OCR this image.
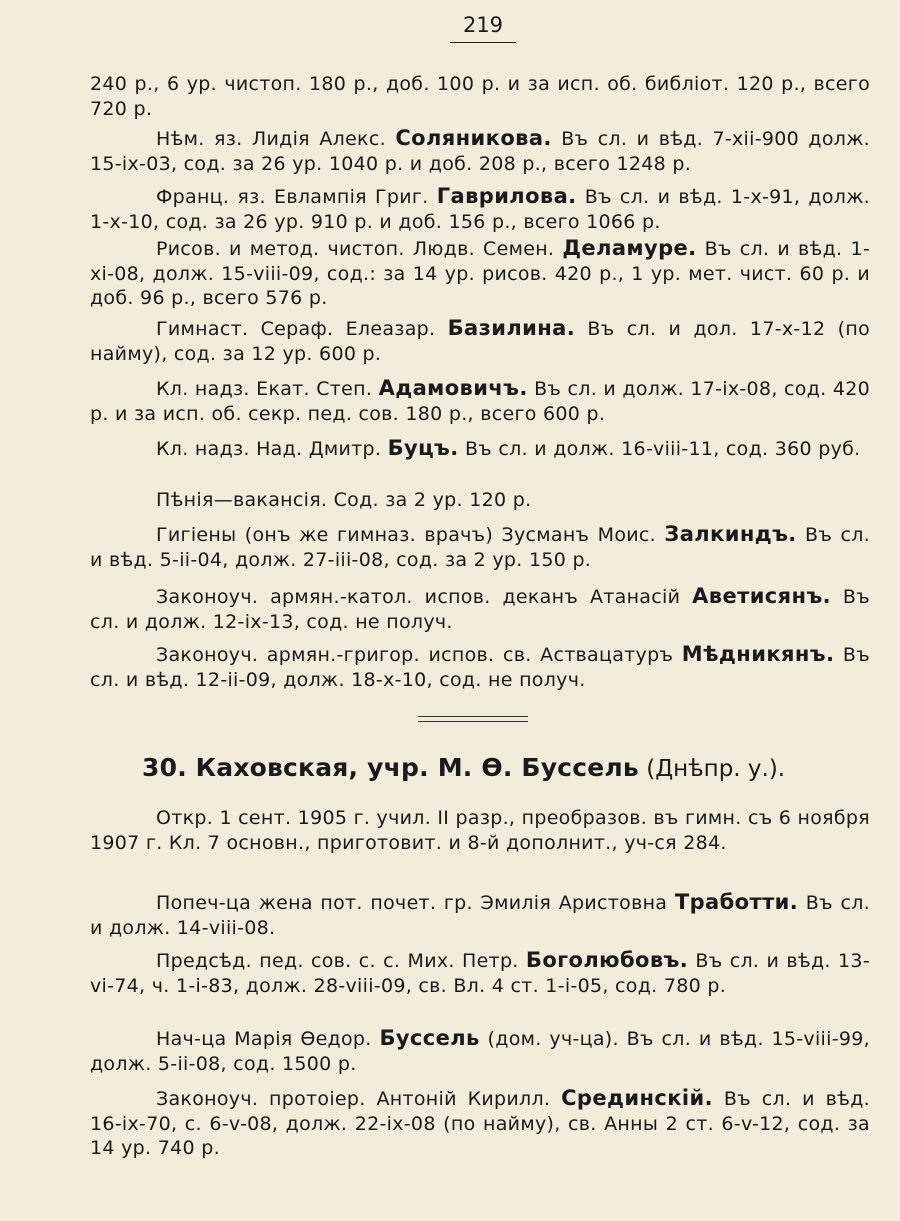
219

240 р., 6 ур. чистоп. 180 р., доб. 100 р. и за исп. об. библіот. 120 р., всего 720 р.

Нѣм. яз. Лидія Алекс. Соляникова. Въ сл. и вѣд. 7-xii-900 долж. 15-ix-03, сод. за 26 ур. 1040 р. и доб. 208 р., всего 1248 р.

Франц. яз. Евлампія Григ. Гаврилова. Въ сл. и вѣд. 1-x-91, долж. 1-x-10, сод. за 26 ур. 910 р. и доб. 156 р., всего 1066 р.

Рисов. и метод. чистоп. Людв. Семен. Деламуре. Въ сл. и вѣд. 1-xi-08, долж. 15-viii-09, сод.: за 14 ур. рисов. 420 р., 1 ур. мет. чист. 60 р. и доб. 96 р., всего 576 р.

Гимнаст. Сераф. Елеазар. Базилина. Въ сл. и дол. 17-x-12 (по найму), сод. за 12 ур. 600 р.

Кл. надз. Екат. Степ. Адамовичъ. Въ сл. и долж. 17-ix-08, сод. 420 р. и за исп. об. секр. пед. сов. 180 р., всего 600 р.

Кл. надз. Над. Дмитр. Буцъ. Въ сл. и долж. 16-viii-11, сод. 360 руб.

Пѣнія—вакансія. Сод. за 2 ур. 120 р.

Гигіены (онъ же гимназ. врачъ) Зусманъ Моис. Залкиндъ. Въ сл. и вѣд. 5-ii-04, долж. 27-iii-08, сод. за 2 ур. 150 р.

Законоуч. армян.-катол. испов. деканъ Атанасій Аветисянъ. Въ сл. и долж. 12-ix-13, сод. не получ.

Законоуч. армян.-григор. испов. св. Аствацатуръ Мѣдникянъ. Въ сл. и вѣд. 12-ii-09, долж. 18-x-10, сод. не получ.

30. Каховская, учр. М. Ѳ. Буссель (Днѣпр. у.).

Откр. 1 сент. 1905 г. учил. II разр., преобразов. въ гимн. съ 6 ноября 1907 г. Кл. 7 основн., приготовит. и 8-й дополнит., уч-ся 284.

Попеч-ца жена пот. почет. гр. Эмилія Аристовна Тработти. Въ сл. и долж. 14-viii-08.

Предсѣд. пед. сов. с. с. Мих. Петр. Боголюбовъ. Въ сл. и вѣд. 13-vi-74, ч. 1-i-83, долж. 28-viii-09, св. Вл. 4 ст. 1-i-05, сод. 780 р.

Нач-ца Марія Ѳедор. Буссель (дом. уч-ца). Въ сл. и вѣд. 15-viii-99, долж. 5-ii-08, сод. 1500 р.

Законоуч. протоіер. Антоній Кирилл. Срединскій. Въ сл. и вѣд. 16-ix-70, с. 6-v-08, долж. 22-ix-08 (по найму), св. Анны 2 ст. 6-v-12, сод. за 14 ур. 740 р.
